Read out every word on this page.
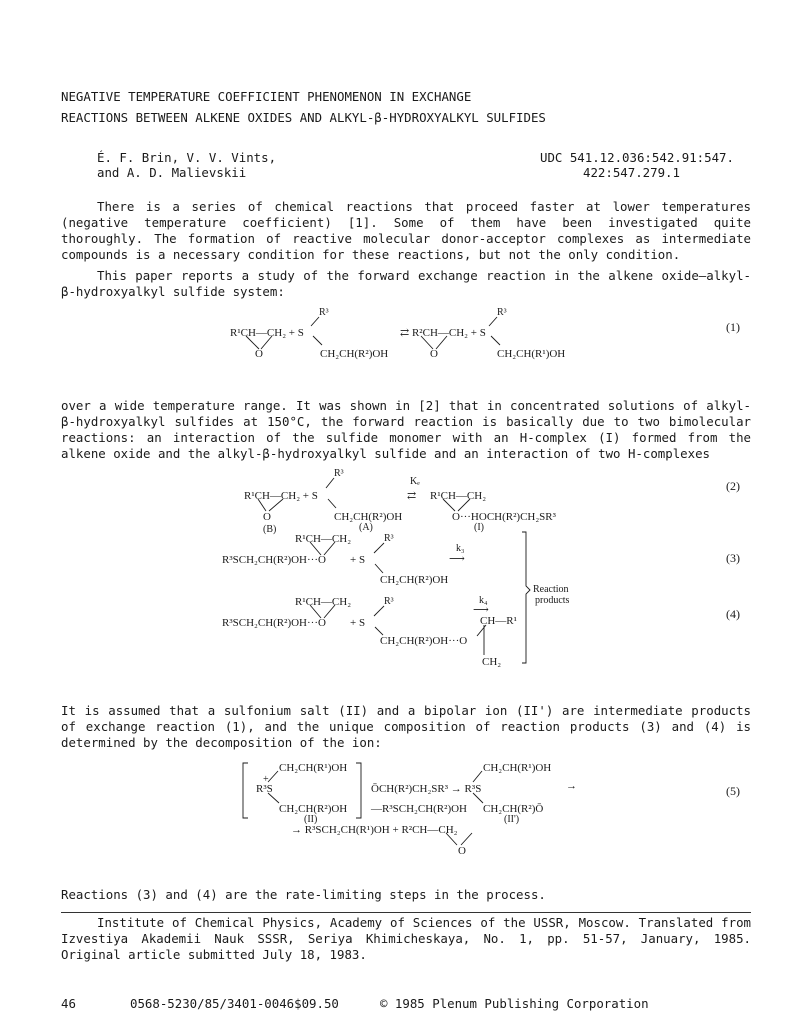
NEGATIVE TEMPERATURE COEFFICIENT PHENOMENON IN EXCHANGE
REACTIONS BETWEEN ALKENE OXIDES AND ALKYL-β-HYDROXYALKYL SULFIDES
É. F. Brin, V. V. Vints,
and A. D. Malievskii
UDC 541.12.036:542.91:547.
422:547.279.1
There is a series of chemical reactions that proceed faster at lower temperatures (negative temperature coefficient) [1]. Some of them have been investigated quite thoroughly. The formation of reactive molecular donor-acceptor complexes as intermediate compounds is a necessary condition for these reactions, but not the only condition.
This paper reports a study of the forward exchange reaction in the alkene oxide–alkyl-β-hydroxyalkyl sulfide system:
R³
R¹CH—CH₂ + S
O	CH₂CH(R²)OH
R³
⇄ R²CH—CH₂ + S
O	CH₂CH(R¹)OH
(1)
over a wide temperature range. It was shown in [2] that in concentrated solutions of alkyl-β-hydroxyalkyl sulfides at 150°C, the forward reaction is basically due to two bimolecular reactions: an interaction of the sulfide monomer with an H-complex (I) formed from the alkene oxide and the alkyl-β-hydroxyalkyl sulfide and an interaction of two H-complexes
R³
R¹CH—CH₂ + S
Kₑ
⇄ R¹CH—CH₂
O	CH₂CH(R²)OH	O···HOCH(R²)CH₂SR³
(B)	(A)	(I)
(2)
R¹CH—CH₂	R³
R³SCH₂CH(R²)OH···O + S
k₃
⟶
CH₂CH(R²)OH
Reaction
products
(3)
R¹CH—CH₂	R³
R³SCH₂CH(R²)OH···O + S
k₄
⟶
CH—R¹
CH₂CH(R²)OH···O
CH₂
(4)
It is assumed that a sulfonium salt (II) and a bipolar ion (II') are intermediate products of exchange reaction (1), and the unique composition of reaction products (3) and (4) is determined by the decomposition of the ion:
CH₂CH(R¹)OH
R³S
+
CH₂CH(R²)OH
(II)
ŌCH(R²)CH₂SR³ → R³S
—R³SCH₂CH(R²)OH
CH₂CH(R¹)OH
CH₂CH(R²)Ō
(II')
→
→ R³SCH₂CH(R¹)OH + R²CH—CH₂
O
(5)
Reactions (3) and (4) are the rate-limiting steps in the process.
Institute of Chemical Physics, Academy of Sciences of the USSR, Moscow. Translated from Izvestiya Akademii Nauk SSSR, Seriya Khimicheskaya, No. 1, pp. 51-57, January, 1985. Original article submitted July 18, 1983.
46	0568-5230/85/3401-0046$09.50	© 1985 Plenum Publishing Corporation
